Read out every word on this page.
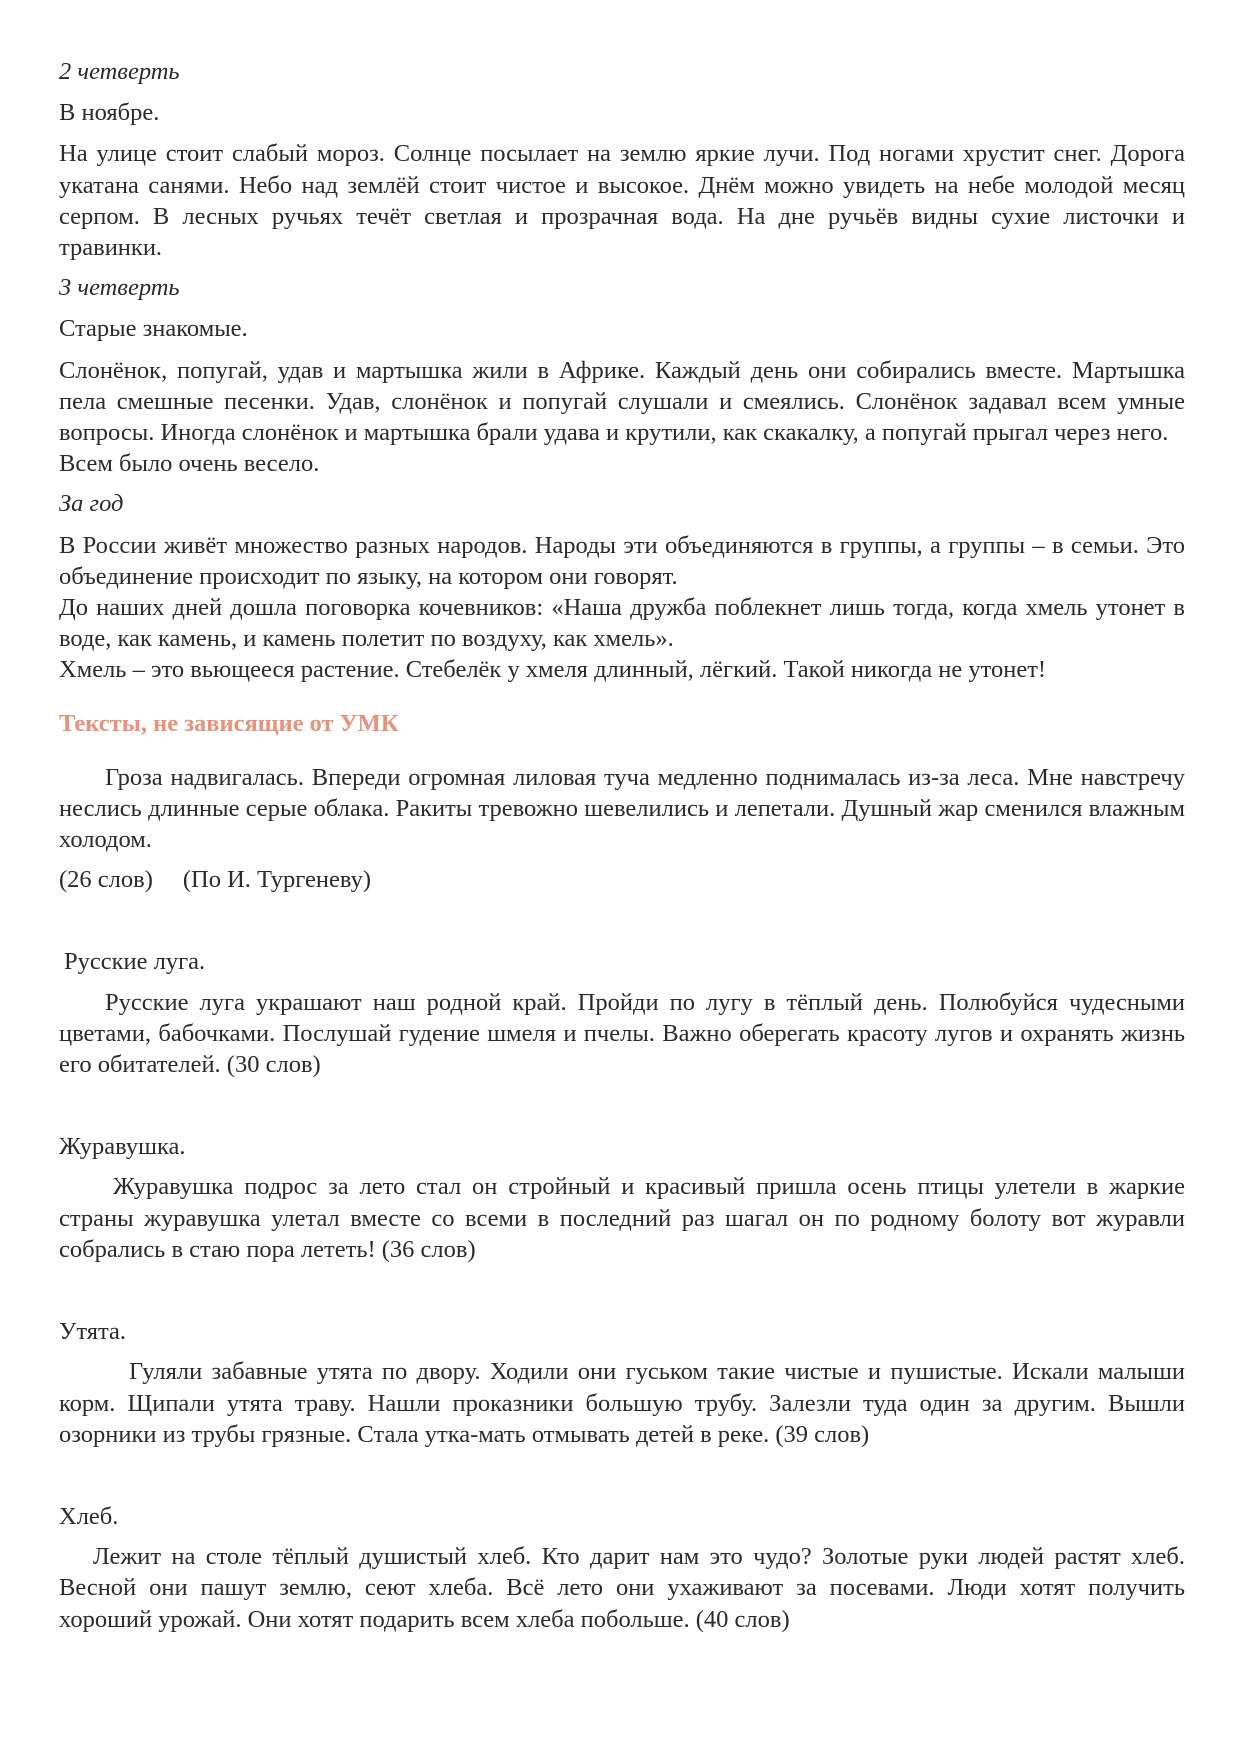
2 четверть

В ноябре.

На улице стоит слабый мороз. Солнце посылает на землю яркие лучи. Под ногами хрустит снег. Дорога укатана санями. Небо над землёй стоит чистое и высокое. Днём можно увидеть на небе молодой месяц серпом. В лесных ручьях течёт светлая и прозрачная вода. На дне ручьёв видны сухие листочки и травинки.

3 четверть

Старые знакомые.

Слонёнок, попугай, удав и мартышка жили в Африке. Каждый день они собирались вместе. Мартышка пела смешные песенки. Удав, слонёнок и попугай слушали и смеялись. Слонёнок задавал всем умные вопросы. Иногда слонёнок и мартышка брали удава и крутили, как скакалку, а попугай прыгал через него.

Всем было очень весело.

За год

В России живёт множество разных народов. Народы эти объединяются в группы, а группы – в семьи. Это объединение происходит по языку, на котором они говорят.

До наших дней дошла поговорка кочевников: «Наша дружба поблекнет лишь тогда, когда хмель утонет в воде, как камень, и камень полетит по воздуху, как хмель».

Хмель – это вьющееся растение. Стебелёк у хмеля длинный, лёгкий. Такой никогда не утонет!

Тексты, не зависящие от УМК

Гроза надвигалась. Впереди огромная лиловая туча медленно поднималась из-за леса. Мне навстречу неслись длинные серые облака. Ракиты тревожно шевелились и лепетали. Душный жар сменился влажным холодом.

(26 слов) (По И. Тургеневу)

Русские луга.

Русские луга украшают наш родной край. Пройди по лугу в тёплый день. Полюбуйся чудесными цветами, бабочками. Послушай гудение шмеля и пчелы. Важно оберегать красоту лугов и охранять жизнь его обитателей. (30 слов)

Журавушка.

Журавушка подрос за лето стал он стройный и красивый пришла осень птицы улетели в жаркие страны журавушка улетал вместе со всеми в последний раз шагал он по родному болоту вот журавли собрались в стаю пора лететь! (36 слов)

Утята.

Гуляли забавные утята по двору. Ходили они гуськом такие чистые и пушистые. Искали малыши корм. Щипали утята траву. Нашли проказники большую трубу. Залезли туда один за другим. Вышли озорники из трубы грязные. Стала утка-мать отмывать детей в реке. (39 слов)

Хлеб.

Лежит на столе тёплый душистый хлеб. Кто дарит нам это чудо? Золотые руки людей растят хлеб. Весной они пашут землю, сеют хлеба. Всё лето они ухаживают за посевами. Люди хотят получить хороший урожай. Они хотят подарить всем хлеба побольше. (40 слов)
